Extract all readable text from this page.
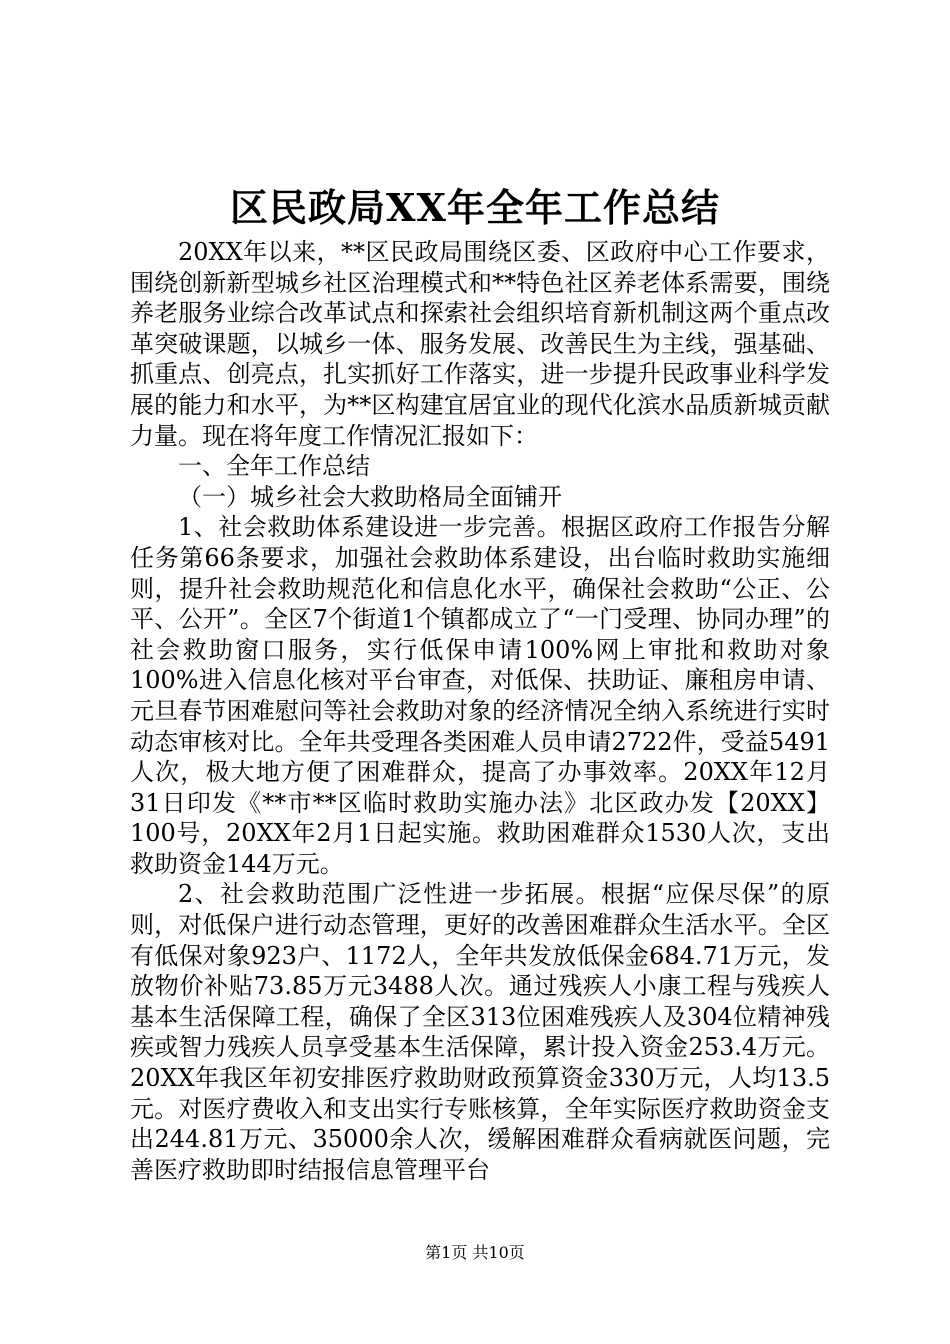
区民政局XX年全年工作总结

20XX年以来，**区民政局围绕区委、区政府中心工作要求，围绕创新新型城乡社区治理模式和**特色社区养老体系需要，围绕养老服务业综合改革试点和探索社会组织培育新机制这两个重点改革突破课题，以城乡一体、服务发展、改善民生为主线，强基础、抓重点、创亮点，扎实抓好工作落实，进一步提升民政事业科学发展的能力和水平，为**区构建宜居宜业的现代化滨水品质新城贡献力量。现在将年度工作情况汇报如下：

一、全年工作总结

（一）城乡社会大救助格局全面铺开

1、社会救助体系建设进一步完善。根据区政府工作报告分解任务第66条要求，加强社会救助体系建设，出台临时救助实施细则，提升社会救助规范化和信息化水平，确保社会救助“公正、公平、公开”。全区7个街道1个镇都成立了“一门受理、协同办理”的社会救助窗口服务，实行低保申请100%网上审批和救助对象100%进入信息化核对平台审查，对低保、扶助证、廉租房申请、元旦春节困难慰问等社会救助对象的经济情况全纳入系统进行实时动态审核对比。全年共受理各类困难人员申请2722件，受益5491人次，极大地方便了困难群众，提高了办事效率。20XX年12月31日印发《**市**区临时救助实施办法》北区政办发【20XX】100号，20XX年2月1日起实施。救助困难群众1530人次，支出救助资金144万元。

2、社会救助范围广泛性进一步拓展。根据“应保尽保”的原则，对低保户进行动态管理，更好的改善困难群众生活水平。全区有低保对象923户、1172人，全年共发放低保金684.71万元，发放物价补贴73.85万元3488人次。通过残疾人小康工程与残疾人基本生活保障工程，确保了全区313位困难残疾人及304位精神残疾或智力残疾人员享受基本生活保障，累计投入资金253.4万元。20XX年我区年初安排医疗救助财政预算资金330万元，人均13.5元。对医疗费收入和支出实行专账核算，全年实际医疗救助资金支出244.81万元、35000余人次，缓解困难群众看病就医问题，完善医疗救助即时结报信息管理平台

第1页 共10页
